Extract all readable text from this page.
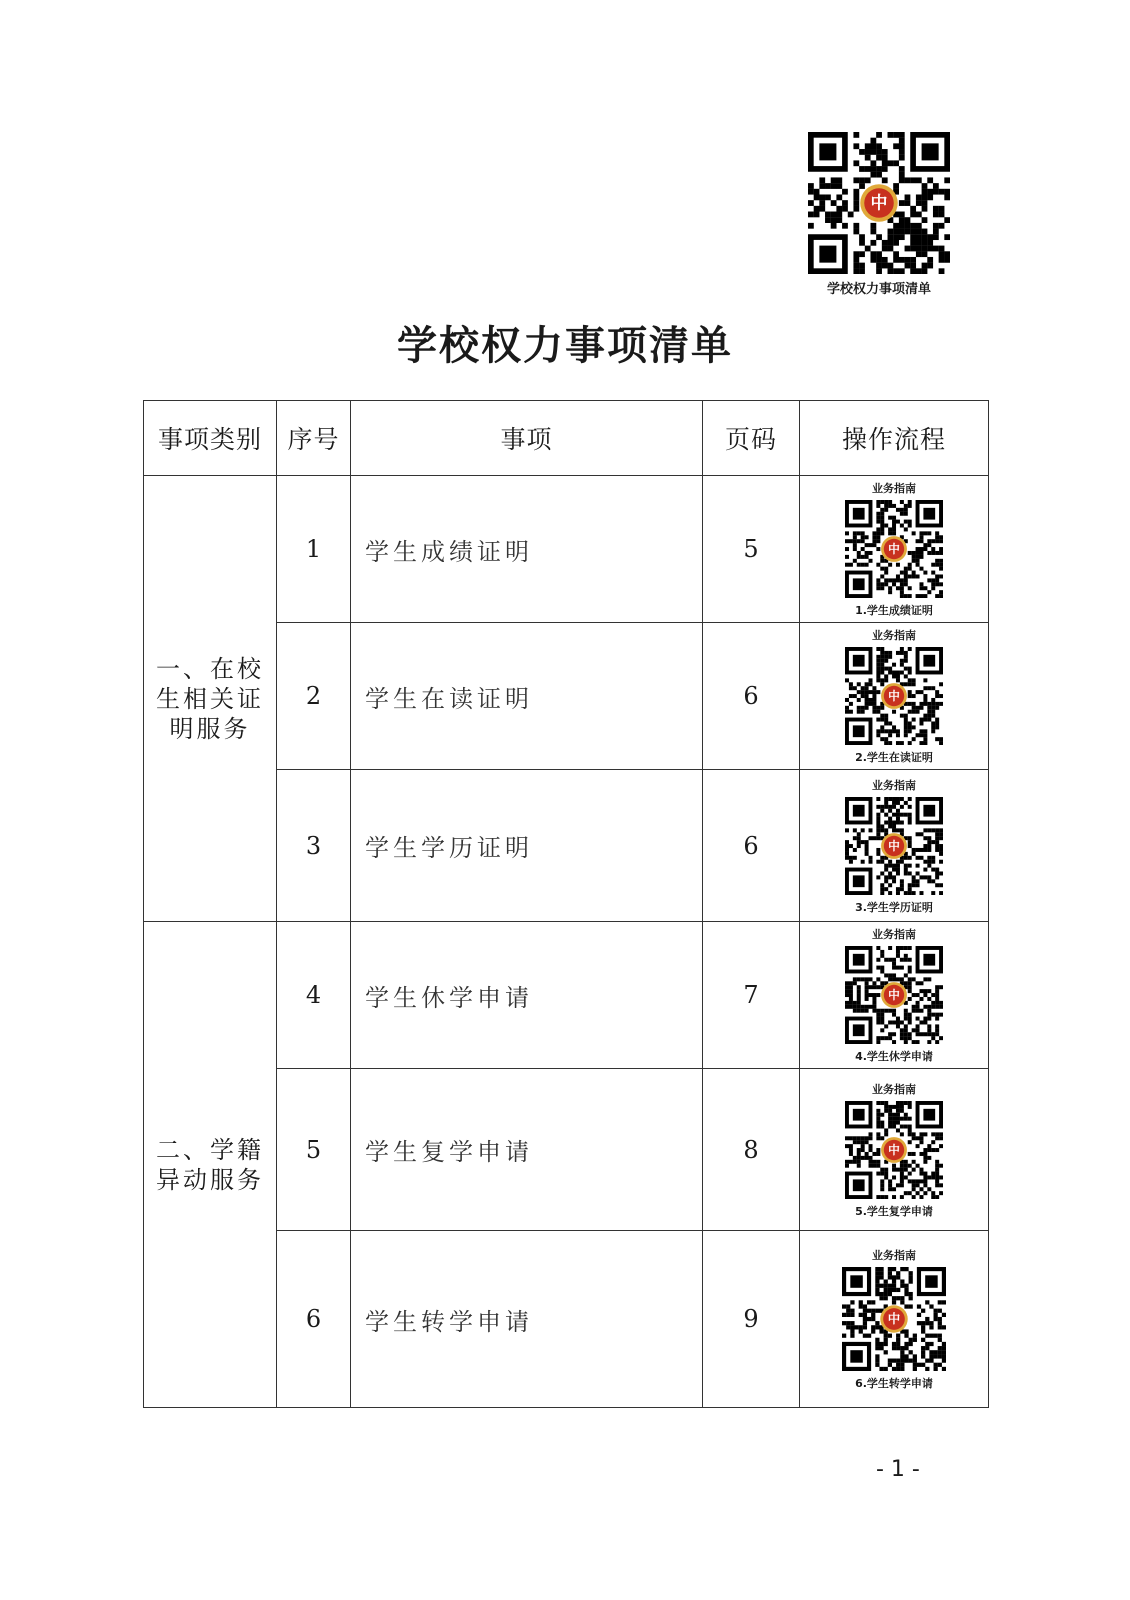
中
学校权力事项清单
学校权力事项清单
事项类别	序号	事项	页码	操作流程
一、在校生相关证明服务	1	学生成绩证明	5	业务指南
中
1.学生成绩证明

	2	学生在读证明	6	业务指南
中
2.学生在读证明

	3	学生学历证明	6	业务指南
中
3.学生学历证明

二、学籍异动服务	4	学生休学申请	7	业务指南
中
4.学生休学申请

	5	学生复学申请	8	业务指南
中
5.学生复学申请

	6	学生转学申请	9	业务指南
中
6.学生转学申请
- 1 -
